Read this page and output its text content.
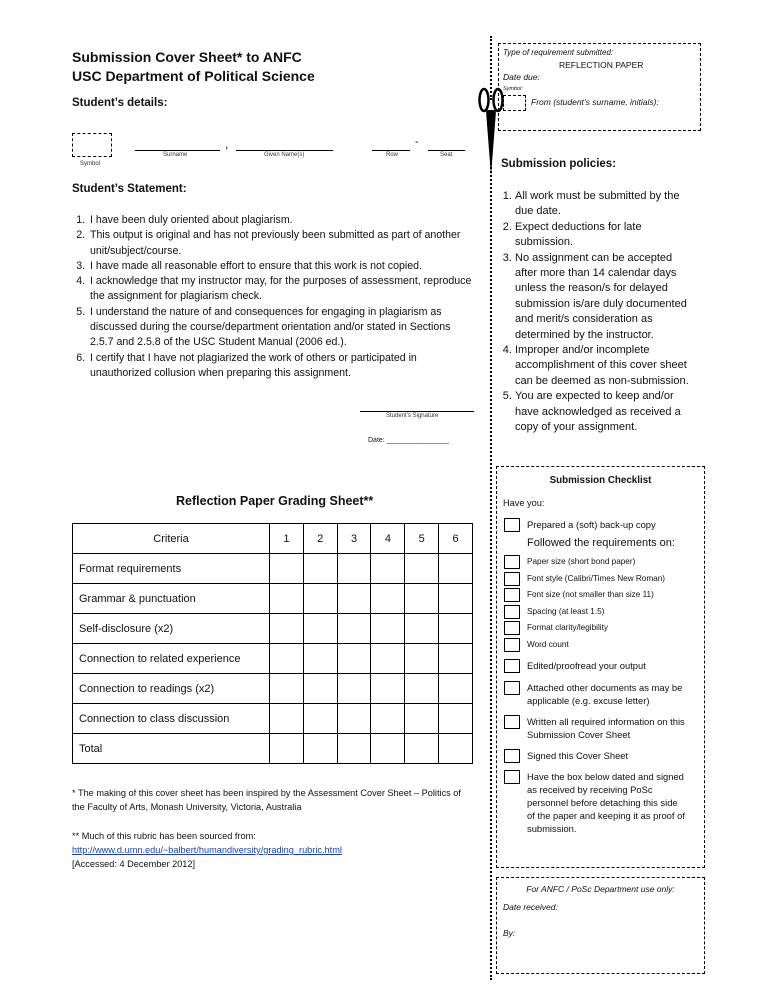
Submission Cover Sheet* to ANFC
USC Department of Political Science
Student’s details:
Symbol
Surname
,
Given Name(s)	Row
-
Seat
Student’s Statement:
1. I have been duly oriented about plagiarism.
2. This output is original and has not previously been submitted as part of another unit/subject/course.
3. I have made all reasonable effort to ensure that this work is not copied.
4. I acknowledge that my instructor may, for the purposes of assessment, reproduce the assignment for plagiarism check.
5. I understand the nature of and consequences for engaging in plagiarism as discussed during the course/department orientation and/or stated in Sections 2.5.7 and 2.5.8 of the USC Student Manual (2006 ed.).
6. I certify that I have not plagiarized the work of others or participated in unauthorized collusion when preparing this assignment.
Student’s Signature
Date: ________________
Reflection Paper Grading Sheet**
Criteria	1	2	3	4	5	6
Format requirements						
Grammar & punctuation						
Self-disclosure (x2)						
Connection to related experience						
Connection to readings (x2)						
Connection to class discussion						
Total						
* The making of this cover sheet has been inspired by the Assessment Cover Sheet – Politics of the Faculty of Arts, Monash University, Victoria, Australia
** Much of this rubric has been sourced from:
http://www.d.umn.edu/~balbert/humandiversity/grading_rubric.html
[Accessed: 4 December 2012]
Type of requirement submitted:
REFLECTION PAPER
Date due:
Symbol:
From (student’s surname, initials):
Submission policies:
1. All work must be submitted by the due date.
2. Expect deductions for late submission.
3. No assignment can be accepted after more than 14 calendar days unless the reason/s for delayed submission is/are duly documented and merit/s consideration as determined by the instructor.
4. Improper and/or incomplete accomplishment of this cover sheet can be deemed as non-submission.
5. You are expected to keep and/or have acknowledged as received a copy of your assignment.
Submission Checklist
Have you:
Prepared a (soft) back-up copy
Followed the requirements on:
Paper size (short bond paper)
Font style (Calibri/Times New Roman)
Font size (not smaller than size 11)
Spacing (at least 1.5)
Format clarity/legibility
Word count
Edited/proofread your output
Attached other documents as may be applicable (e.g. excuse letter)
Written all required information on this Submission Cover Sheet
Signed this Cover Sheet
Have the box below dated and signed as received by receiving PoSc personnel before detaching this side of the paper and keeping it as proof of submission.
For ANFC / PoSc Department use only:
Date received:
By:
